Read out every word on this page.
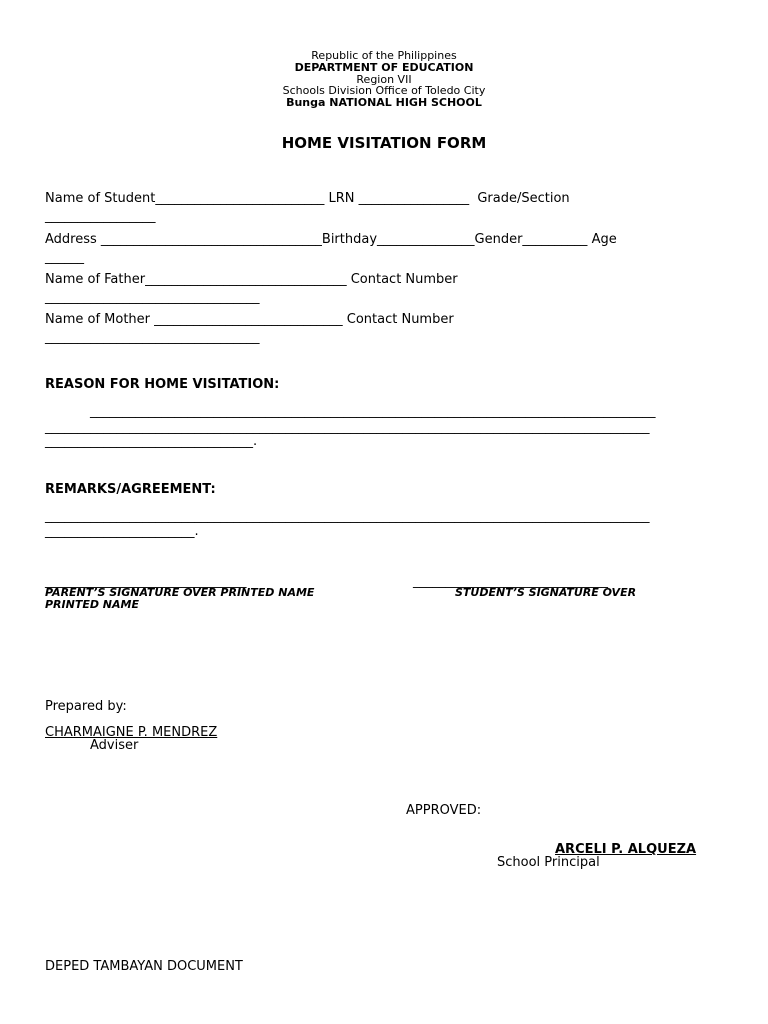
Republic of the Philippines
DEPARTMENT OF EDUCATION
Region VII
Schools Division Office of Toledo City
Bunga NATIONAL HIGH SCHOOL
HOME VISITATION FORM
Name of Student__________________________ LRN _________________  Grade/Section
_________________
Address __________________________________Birthday_______________Gender__________ Age
______
Name of Father_______________________________ Contact Number
_________________________________
Name of Mother _____________________________ Contact Number
_________________________________
REASON FOR HOME VISITATION:
_______________________________________________________________________________________
_____________________________________________________________________________________________
________________________________.
REMARKS/AGREEMENT:
_____________________________________________________________________________________________
_______________________.
_______________________________
PARENT’S SIGNATURE OVER PRINTED NAME
PRINTED NAME
______________________________
STUDENT’S SIGNATURE OVER
Prepared by:
CHARMAIGNE P. MENDREZ
Adviser
APPROVED:
ARCELI P. ALQUEZA
School Principal
DEPED TAMBAYAN DOCUMENT
